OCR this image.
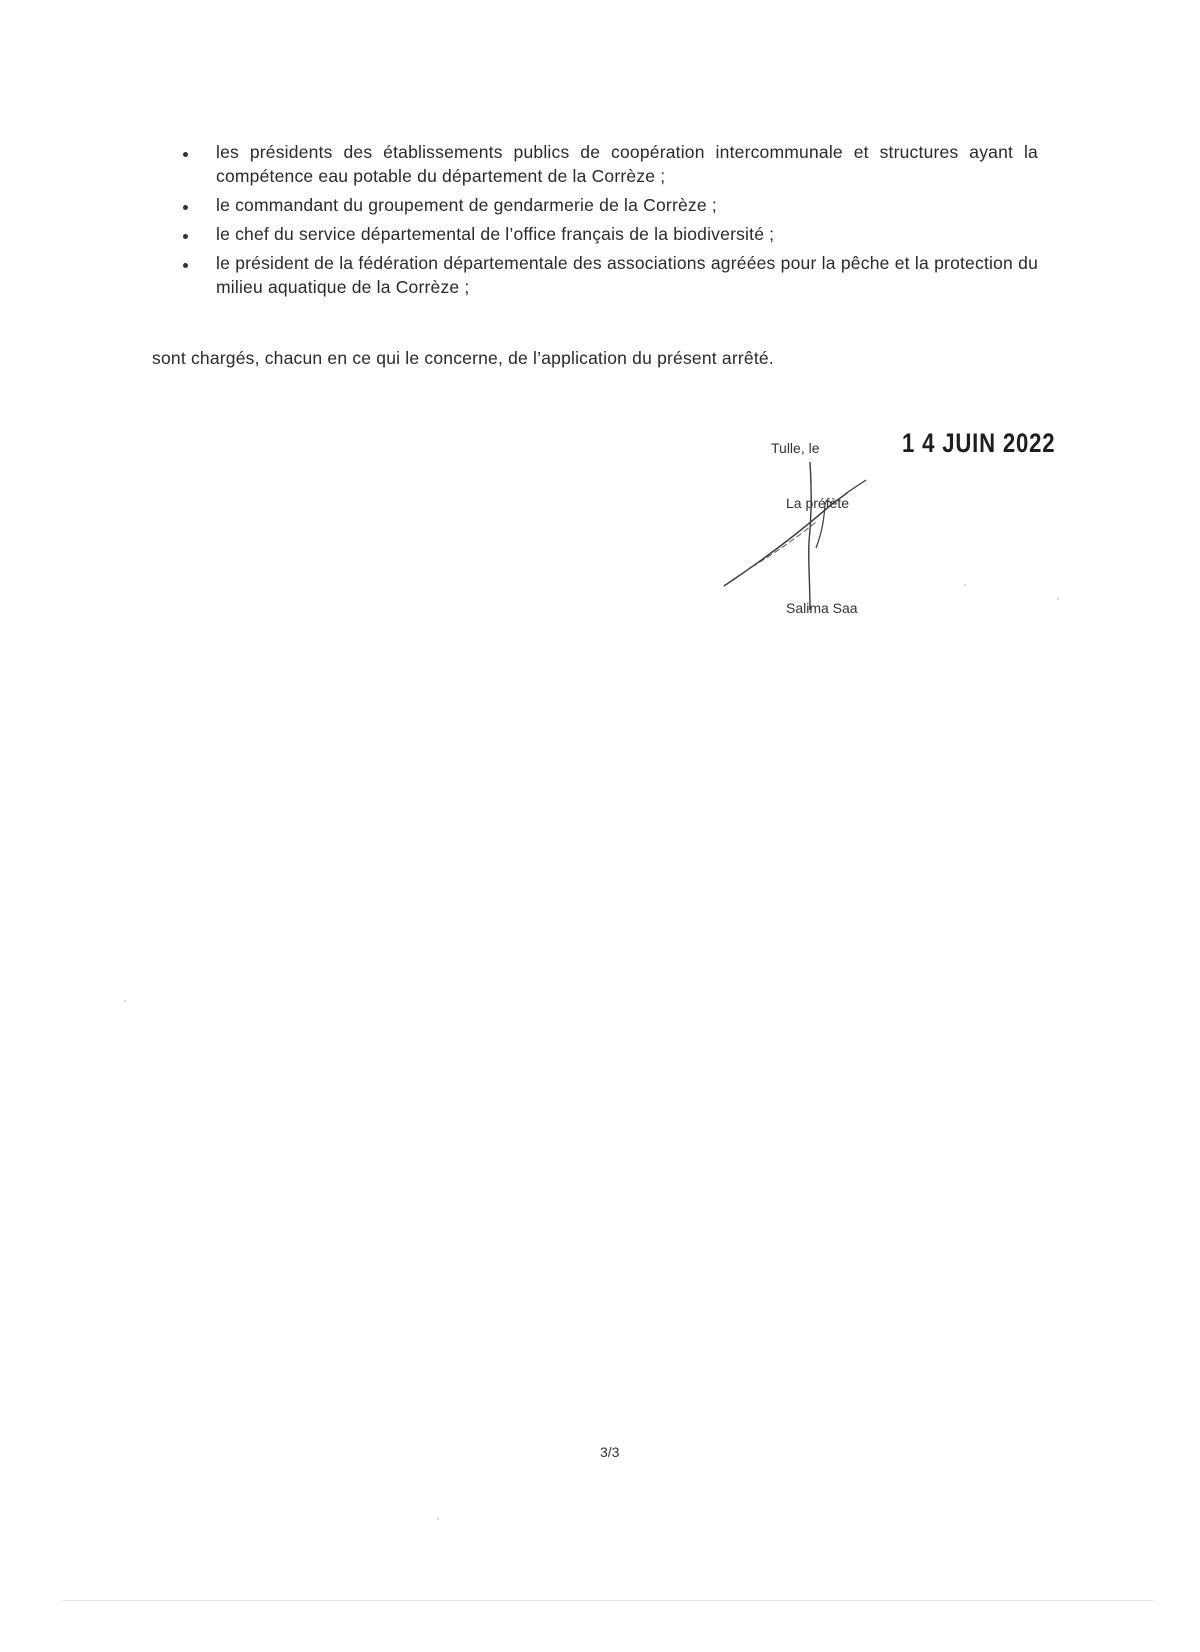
les présidents des établissements publics de coopération intercommunale et structures ayant la compétence eau potable du département de la Corrèze ;
le commandant du groupement de gendarmerie de la Corrèze ;
le chef du service départemental de l’office français de la biodiversité ;
le président de la fédération départementale des associations agréées pour la pêche et la protection du milieu aquatique de la Corrèze ;
sont chargés, chacun en ce qui le concerne, de l’application du présent arrêté.
Tulle, le	1 4 JUIN 2022
La préfète
Salima Saa
3/3
